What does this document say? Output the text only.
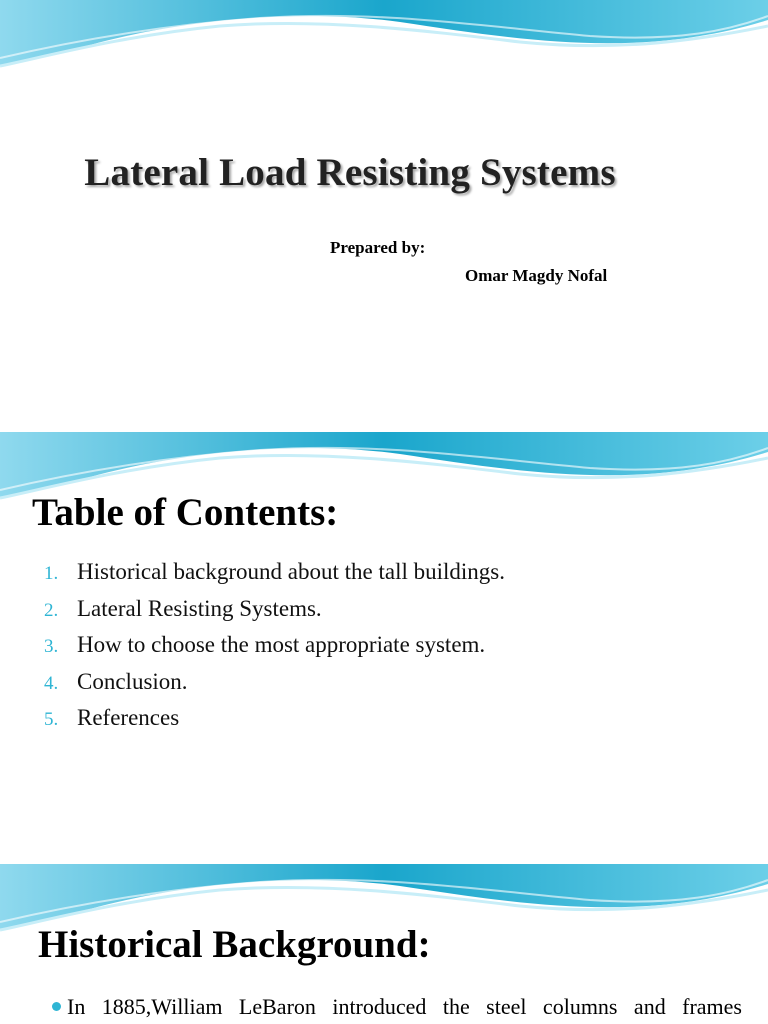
Lateral Load Resisting Systems
Prepared by:
Omar Magdy Nofal
Table of Contents:
1. Historical background about the tall buildings.
2. Lateral Resisting Systems.
3. How to choose the most appropriate system.
4. Conclusion.
5. References
Historical Background:
In 1885,William LeBaron introduced the steel columns and frames
